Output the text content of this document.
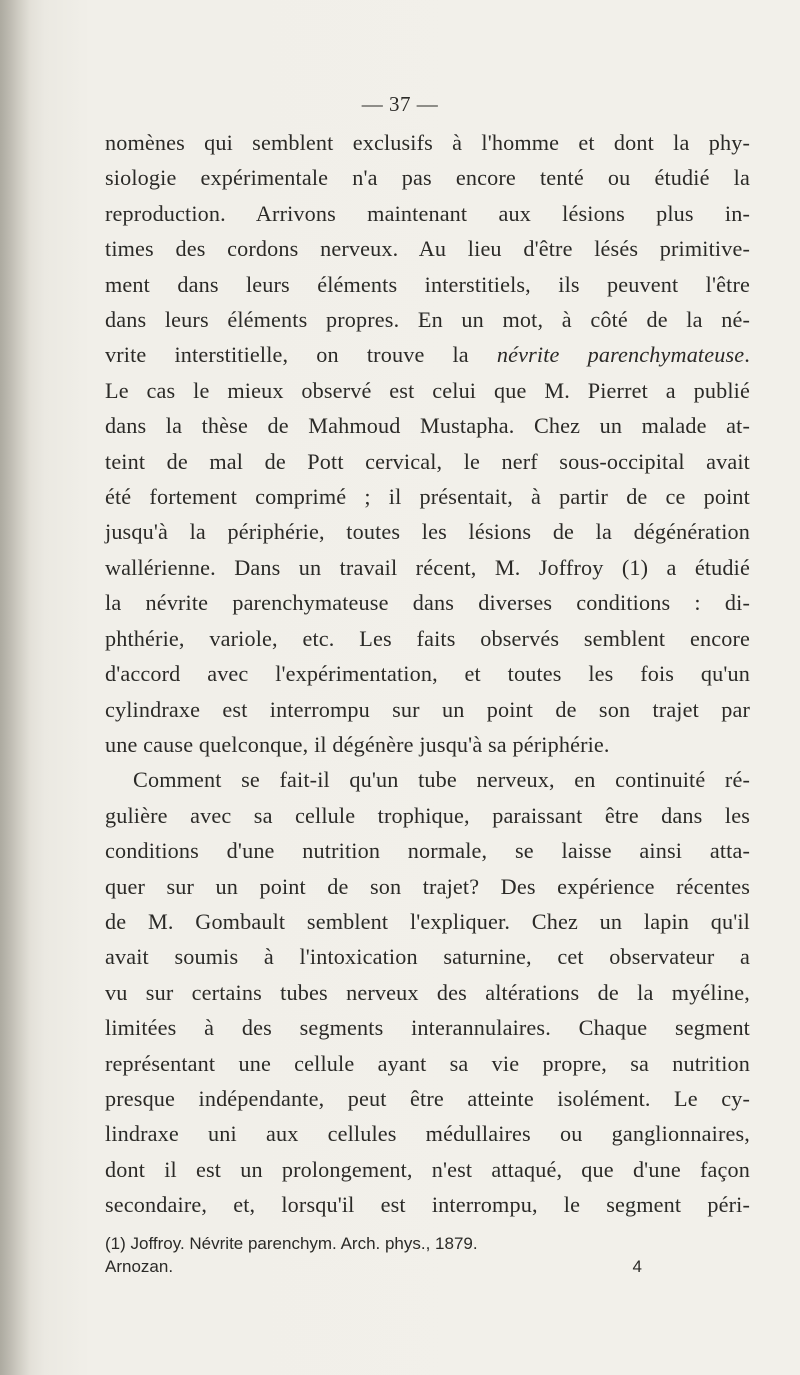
— 37 —
nomènes qui semblent exclusifs à l'homme et dont la phy-
siologie expérimentale n'a pas encore tenté ou étudié la
reproduction. Arrivons maintenant aux lésions plus in-
times des cordons nerveux. Au lieu d'être lésés primitive-
ment dans leurs éléments interstitiels, ils peuvent l'être
dans leurs éléments propres. En un mot, à côté de la né-
vrite interstitielle, on trouve la névrite parenchymateuse.
Le cas le mieux observé est celui que M. Pierret a publié
dans la thèse de Mahmoud Mustapha. Chez un malade at-
teint de mal de Pott cervical, le nerf sous-occipital avait
été fortement comprimé ; il présentait, à partir de ce point
jusqu'à la périphérie, toutes les lésions de la dégénération
wallérienne. Dans un travail récent, M. Joffroy (1) a étudié
la névrite parenchymateuse dans diverses conditions : di-
phthérie, variole, etc. Les faits observés semblent encore
d'accord avec l'expérimentation, et toutes les fois qu'un
cylindraxe est interrompu sur un point de son trajet par
une cause quelconque, il dégénère jusqu'à sa périphérie.
Comment se fait-il qu'un tube nerveux, en continuité ré-
gulière avec sa cellule trophique, paraissant être dans les
conditions d'une nutrition normale, se laisse ainsi atta-
quer sur un point de son trajet? Des expérience récentes
de M. Gombault semblent l'expliquer. Chez un lapin qu'il
avait soumis à l'intoxication saturnine, cet observateur a
vu sur certains tubes nerveux des altérations de la myéline,
limitées à des segments interannulaires. Chaque segment
représentant une cellule ayant sa vie propre, sa nutrition
presque indépendante, peut être atteinte isolément. Le cy-
lindraxe uni aux cellules médullaires ou ganglionnaires,
dont il est un prolongement, n'est attaqué, que d'une façon
secondaire, et, lorsqu'il est interrompu, le segment péri-
(1) Joffroy. Névrite parenchym. Arch. phys., 1879.
Arnozan.	4
